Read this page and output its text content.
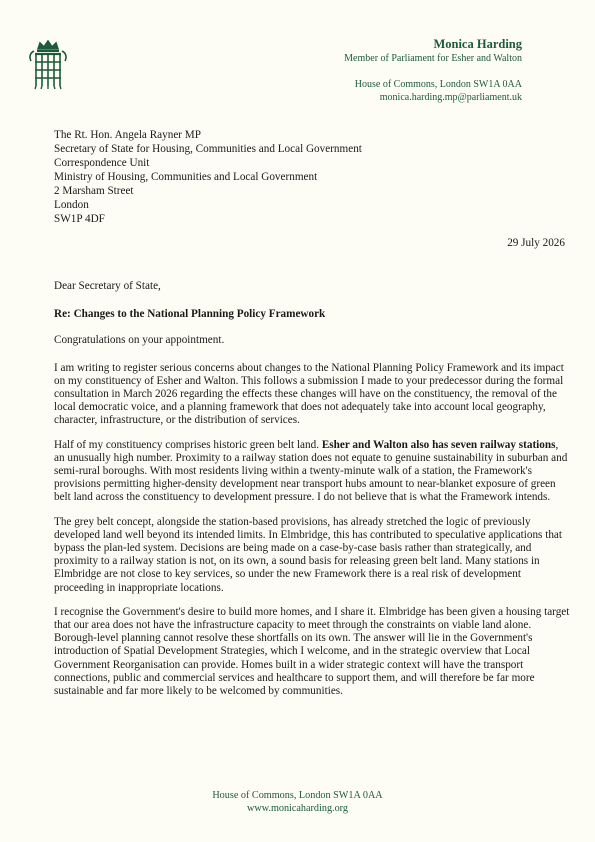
Monica Harding
Member of Parliament for Esher and Walton
House of Commons, London SW1A 0AA
monica.harding.mp@parliament.uk
The Rt. Hon. Angela Rayner MP
Secretary of State for Housing, Communities and Local Government
Correspondence Unit
Ministry of Housing, Communities and Local Government
2 Marsham Street
London
SW1P 4DF
29 July 2026

Dear Secretary of State,

Re: Changes to the National Planning Policy Framework

Congratulations on your appointment.

I am writing to register serious concerns about changes to the National Planning Policy Framework and its impact on my constituency of Esher and Walton. This follows a submission I made to your predecessor during the formal consultation in March 2026 regarding the effects these changes will have on the constituency, the removal of the local democratic voice, and a planning framework that does not adequately take into account local geography, character, infrastructure, or the distribution of services.

Half of my constituency comprises historic green belt land. Esher and Walton also has seven railway stations, an unusually high number. Proximity to a railway station does not equate to genuine sustainability in suburban and semi-rural boroughs. With most residents living within a twenty-minute walk of a station, the Framework's provisions permitting higher-density development near transport hubs amount to near-blanket exposure of green belt land across the constituency to development pressure. I do not believe that is what the Framework intends.

The grey belt concept, alongside the station-based provisions, has already stretched the logic of previously developed land well beyond its intended limits. In Elmbridge, this has contributed to speculative applications that bypass the plan-led system. Decisions are being made on a case-by-case basis rather than strategically, and proximity to a railway station is not, on its own, a sound basis for releasing green belt land. Many stations in Elmbridge are not close to key services, so under the new Framework there is a real risk of development proceeding in inappropriate locations.

I recognise the Government's desire to build more homes, and I share it. Elmbridge has been given a housing target that our area does not have the infrastructure capacity to meet through the constraints on viable land alone. Borough-level planning cannot resolve these shortfalls on its own. The answer will lie in the Government's introduction of Spatial Development Strategies, which I welcome, and in the strategic overview that Local Government Reorganisation can provide. Homes built in a wider strategic context will have the transport connections, public and commercial services and healthcare to support them, and will therefore be far more sustainable and far more likely to be welcomed by communities.

House of Commons, London SW1A 0AA
www.monicaharding.org
